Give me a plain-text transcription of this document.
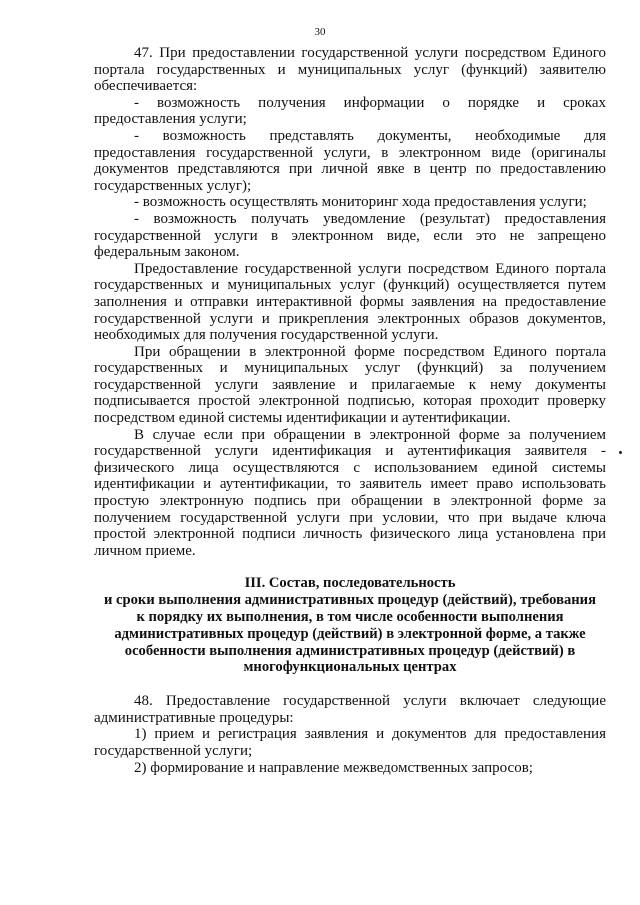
30

47. При предоставлении государственной услуги посредством Единого портала государственных и муниципальных услуг (функций) заявителю обеспечивается:

- возможность получения информации о порядке и сроках предоставления услуги;

- возможность представлять документы, необходимые для предоставления государственной услуги, в электронном виде (оригиналы документов представляются при личной явке в центр по предоставлению государственных услуг);

- возможность осуществлять мониторинг хода предоставления услуги;

- возможность получать уведомление (результат) предоставления государственной услуги в электронном виде, если это не запрещено федеральным законом.

Предоставление государственной услуги посредством Единого портала государственных и муниципальных услуг (функций) осуществляется путем заполнения и отправки интерактивной формы заявления на предоставление государственной услуги и прикрепления электронных образов документов, необходимых для получения государственной услуги.

При обращении в электронной форме посредством Единого портала государственных и муниципальных услуг (функций) за получением государственной услуги заявление и прилагаемые к нему документы подписывается простой электронной подписью, которая проходит проверку посредством единой системы идентификации и аутентификации.

В случае если при обращении в электронной форме за получением государственной услуги идентификация и аутентификация заявителя - физического лица осуществляются с использованием единой системы идентификации и аутентификации, то заявитель имеет право использовать простую электронную подпись при обращении в электронной форме за получением государственной услуги при условии, что при выдаче ключа простой электронной подписи личность физического лица установлена при личном приеме.

III. Состав, последовательность
и сроки выполнения административных процедур (действий), требования
к порядку их выполнения, в том числе особенности выполнения
административных процедур (действий) в электронной форме, а также
особенности выполнения административных процедур (действий) в
многофункциональных центрах

48. Предоставление государственной услуги включает следующие административные процедуры:

1) прием и регистрация заявления и документов для предоставления государственной услуги;

2) формирование и направление межведомственных запросов;
